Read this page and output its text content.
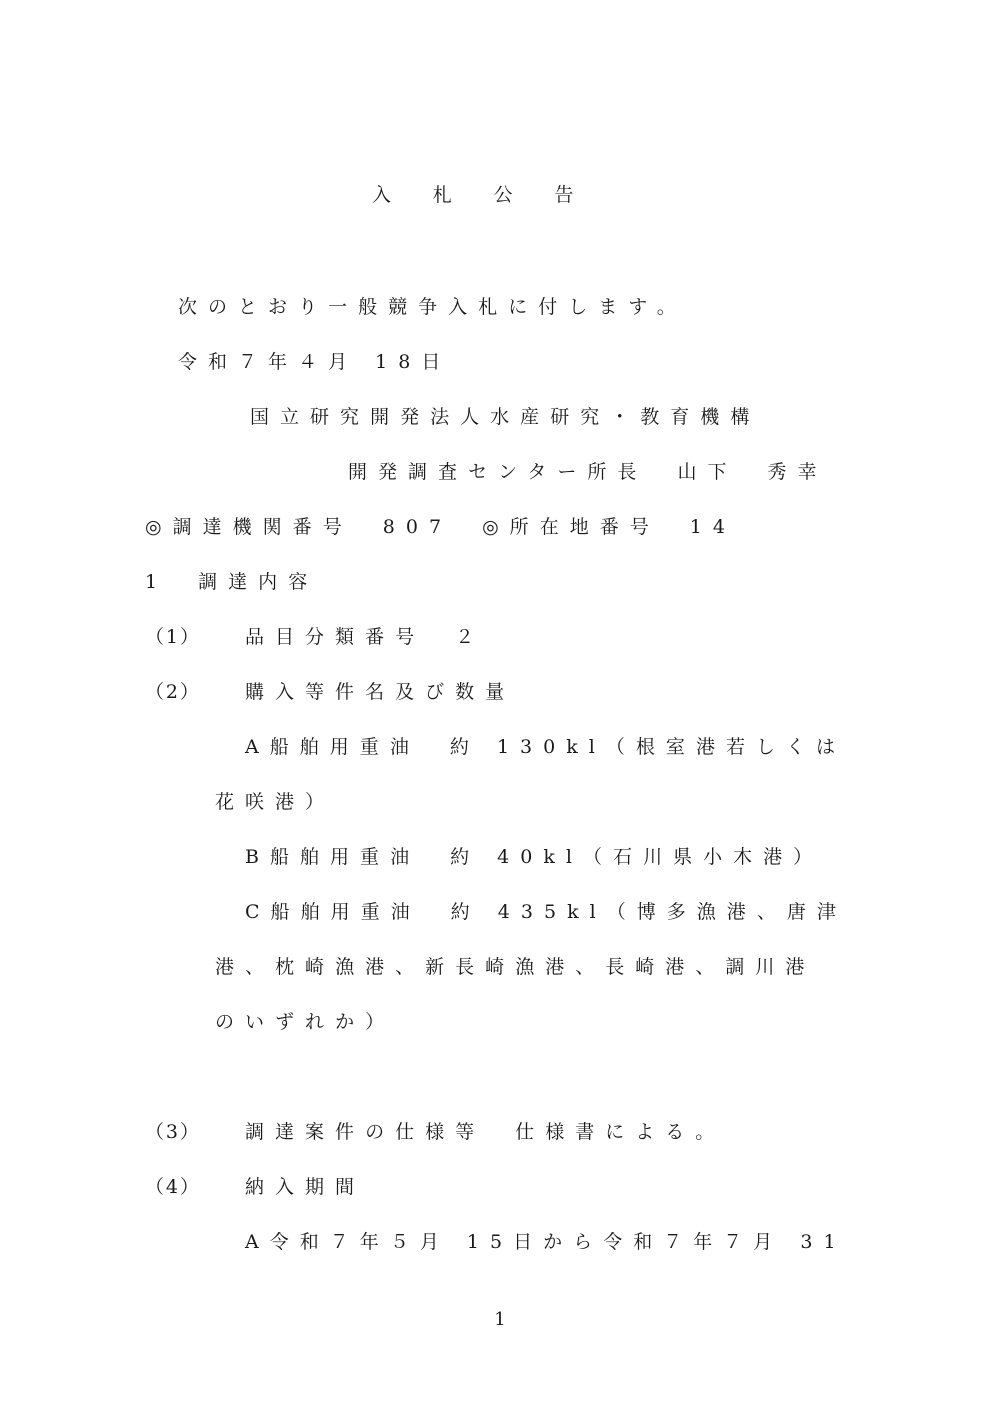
入札公告
次のとおり一般競争入札に付します。
令和７年４月 18日
国立研究開発法人水産研究・教育機構
開発調査センター所長　山下　秀幸
◎調達機関番号　807　◎所在地番号　14
1　調達内容
（1） 品目分類番号　２
（2） 購入等件名及び数量
A船舶用重油　約 130kl（根室港若しくは
花咲港）
B船舶用重油　約 40kl（石川県小木港）
C船舶用重油　約 435kl（博多漁港、唐津
港、枕崎漁港、新長崎漁港、長崎港、調川港
のいずれか）
（3） 調達案件の仕様等　仕様書による。
（4） 納入期間
A令和７年５月 15日から令和７年７月 31
1
